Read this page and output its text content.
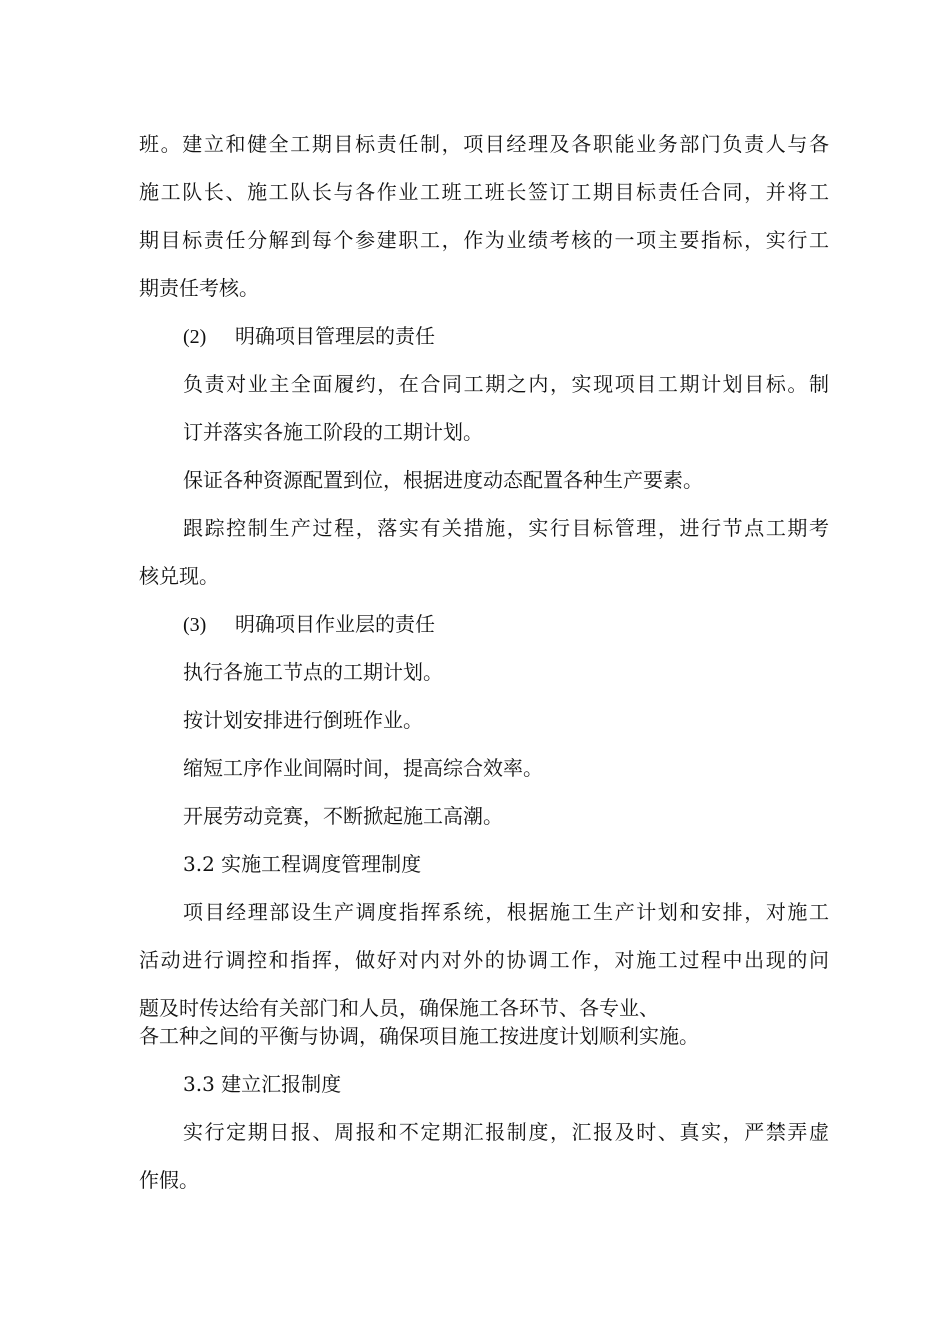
班。建立和健全工期目标责任制，项目经理及各职能业务部门负责人与各
施工队长、施工队长与各作业工班工班长签订工期目标责任合同，并将工
期目标责任分解到每个参建职工，作为业绩考核的一项主要指标，实行工
期责任考核。
(2) 明确项目管理层的责任
负责对业主全面履约，在合同工期之内，实现项目工期计划目标。制
订并落实各施工阶段的工期计划。
保证各种资源配置到位，根据进度动态配置各种生产要素。
跟踪控制生产过程，落实有关措施，实行目标管理，进行节点工期考
核兑现。
(3) 明确项目作业层的责任
执行各施工节点的工期计划。
按计划安排进行倒班作业。
缩短工序作业间隔时间，提高综合效率。
开展劳动竞赛，不断掀起施工高潮。
3.2 实施工程调度管理制度
项目经理部设生产调度指挥系统，根据施工生产计划和安排，对施工
活动进行调控和指挥，做好对内对外的协调工作，对施工过程中出现的问
题及时传达给有关部门和人员，确保施工各环节、各专业、
各工种之间的平衡与协调，确保项目施工按进度计划顺利实施。
3.3 建立汇报制度
实行定期日报、周报和不定期汇报制度，汇报及时、真实，严禁弄虚
作假。
